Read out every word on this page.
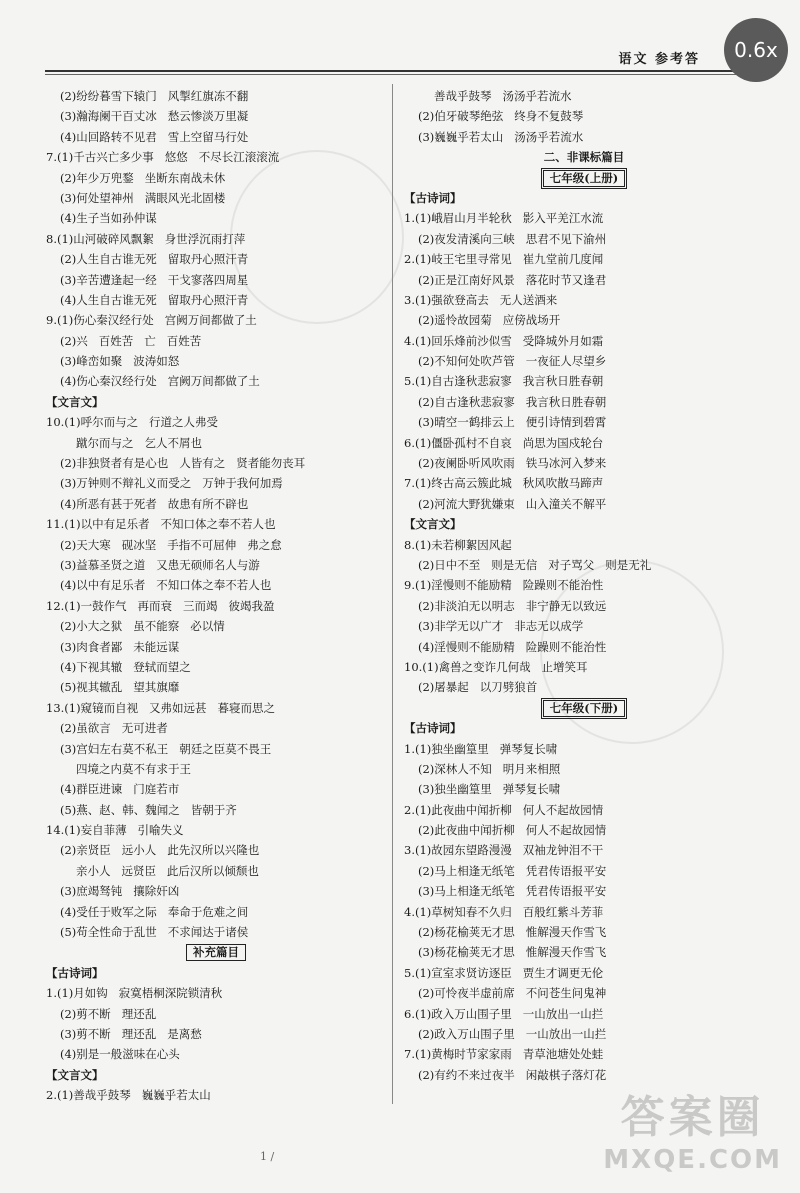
语文 参考答	0.6x
(2)纷纷暮雪下辕门   风掣红旗冻不翻
(3)瀚海阑干百丈冰   愁云惨淡万里凝
(4)山回路转不见君   雪上空留马行处
7.(1)千古兴亡多少事   悠悠   不尽长江滚滚流
(2)年少万兜鍪   坐断东南战未休
(3)何处望神州   满眼风光北固楼
(4)生子当如孙仲谋
8.(1)山河破碎风飘絮   身世浮沉雨打萍
(2)人生自古谁无死   留取丹心照汗青
(3)辛苦遭逢起一经   干戈寥落四周星
(4)人生自古谁无死   留取丹心照汗青
9.(1)伤心秦汉经行处   宫阙万间都做了土
(2)兴   百姓苦   亡   百姓苦
(3)峰峦如聚   波涛如怒
(4)伤心秦汉经行处   宫阙万间都做了土
【文言文】
10.(1)呼尔而与之   行道之人弗受
蹴尔而与之   乞人不屑也
(2)非独贤者有是心也   人皆有之   贤者能勿丧耳
(3)万钟则不辩礼义而受之   万钟于我何加焉
(4)所恶有甚于死者   故患有所不辟也
11.(1)以中有足乐者   不知口体之奉不若人也
(2)天大寒   砚冰坚   手指不可屈伸   弗之怠
(3)益慕圣贤之道   又患无硕师名人与游
(4)以中有足乐者   不知口体之奉不若人也
12.(1)一鼓作气   再而衰   三而竭   彼竭我盈
(2)小大之狱   虽不能察   必以情
(3)肉食者鄙   未能远谋
(4)下视其辙   登轼而望之
(5)视其辙乱   望其旗靡
13.(1)窥镜而自视   又弗如远甚   暮寝而思之
(2)虽欲言   无可进者
(3)宫妇左右莫不私王   朝廷之臣莫不畏王
四境之内莫不有求于王
(4)群臣进谏   门庭若市
(5)燕、赵、韩、魏闻之   皆朝于齐
14.(1)妄自菲薄   引喻失义
(2)亲贤臣   远小人   此先汉所以兴隆也
亲小人   远贤臣   此后汉所以倾颓也
(3)庶竭驽钝   攘除奸凶
(4)受任于败军之际   奉命于危难之间
(5)苟全性命于乱世   不求闻达于诸侯
补充篇目
【古诗词】
1.(1)月如钩   寂寞梧桐深院锁清秋
(2)剪不断   理还乱
(3)剪不断   理还乱   是离愁
(4)别是一般滋味在心头
【文言文】
2.(1)善哉乎鼓琴   巍巍乎若太山
善哉乎鼓琴   汤汤乎若流水
(2)伯牙破琴绝弦   终身不复鼓琴
(3)巍巍乎若太山   汤汤乎若流水
二、非课标篇目
七年级(上册)
【古诗词】
1.(1)峨眉山月半轮秋   影入平羌江水流
(2)夜发清溪向三峡   思君不见下渝州
2.(1)岐王宅里寻常见   崔九堂前几度闻
(2)正是江南好风景   落花时节又逢君
3.(1)强欲登高去   无人送酒来
(2)遥怜故园菊   应傍战场开
4.(1)回乐烽前沙似雪   受降城外月如霜
(2)不知何处吹芦管   一夜征人尽望乡
5.(1)自古逢秋悲寂寥   我言秋日胜春朝
(2)自古逢秋悲寂寥   我言秋日胜春朝
(3)晴空一鹤排云上   便引诗情到碧霄
6.(1)僵卧孤村不自哀   尚思为国戍轮台
(2)夜阑卧听风吹雨   铁马冰河入梦来
7.(1)终古高云簇此城   秋风吹散马蹄声
(2)河流大野犹嫌束   山入潼关不解平
【文言文】
8.(1)未若柳絮因风起
(2)日中不至   则是无信   对子骂父   则是无礼
9.(1)淫慢则不能励精   险躁则不能治性
(2)非淡泊无以明志   非宁静无以致远
(3)非学无以广才   非志无以成学
(4)淫慢则不能励精   险躁则不能治性
10.(1)禽兽之变诈几何哉   止增笑耳
(2)屠暴起   以刀劈狼首
七年级(下册)
【古诗词】
1.(1)独坐幽篁里   弹琴复长啸
(2)深林人不知   明月来相照
(3)独坐幽篁里   弹琴复长啸
2.(1)此夜曲中闻折柳   何人不起故园情
(2)此夜曲中闻折柳   何人不起故园情
3.(1)故园东望路漫漫   双袖龙钟泪不干
(2)马上相逢无纸笔   凭君传语报平安
(3)马上相逢无纸笔   凭君传语报平安
4.(1)草树知春不久归   百般红紫斗芳菲
(2)杨花榆荚无才思   惟解漫天作雪飞
(3)杨花榆荚无才思   惟解漫天作雪飞
5.(1)宣室求贤访逐臣   贾生才调更无伦
(2)可怜夜半虚前席   不问苍生问鬼神
6.(1)政入万山围子里   一山放出一山拦
(2)政入万山围子里   一山放出一山拦
7.(1)黄梅时节家家雨   青草池塘处处蛙
(2)有约不来过夜半   闲敲棋子落灯花
1 /
答案圈
MXQE.COM
